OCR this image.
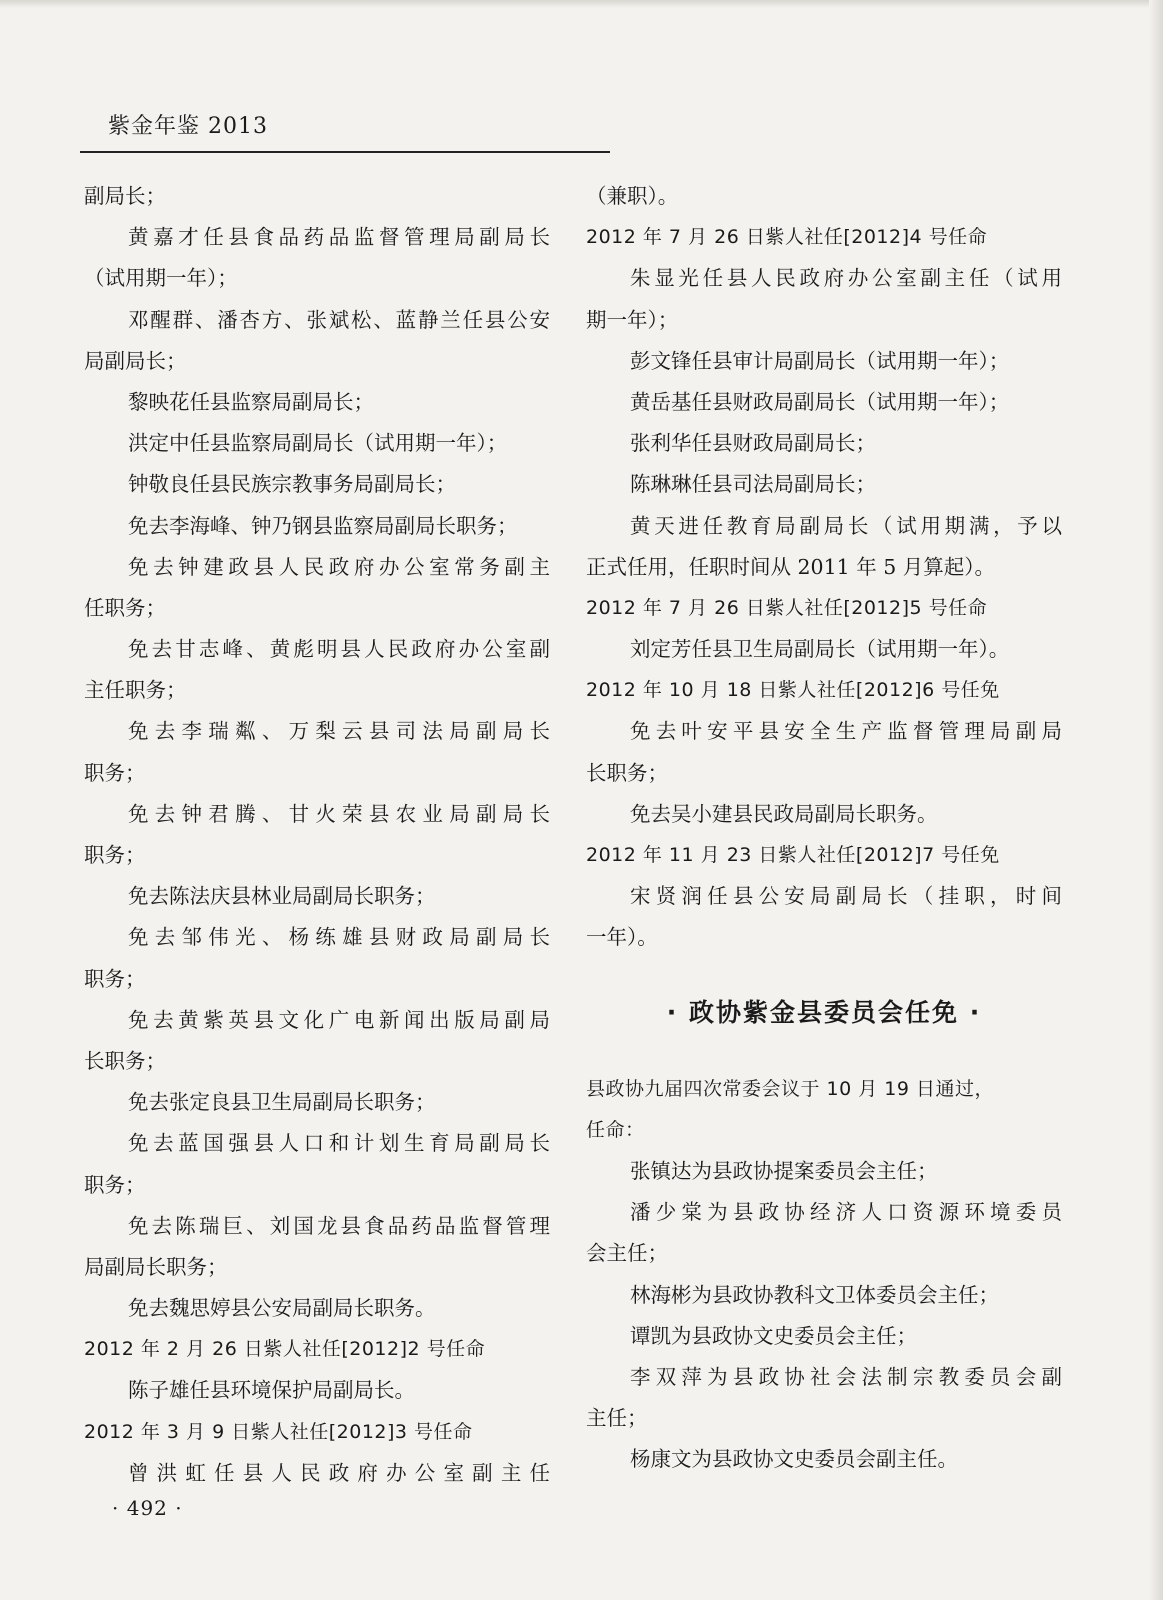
紫金年鉴 2013
副局长；
黄嘉才任县食品药品监督管理局副局长
（试用期一年）；
邓醒群、潘杏方、张斌松、蓝静兰任县公安
局副局长；
黎映花任县监察局副局长；
洪定中任县监察局副局长（试用期一年）；
钟敬良任县民族宗教事务局副局长；
免去李海峰、钟乃钢县监察局副局长职务；
免去钟建政县人民政府办公室常务副主
任职务；
免去甘志峰、黄彪明县人民政府办公室副
主任职务；
免去李瑞粼、万梨云县司法局副局长
职务；
免去钟君腾、甘火荣县农业局副局长
职务；
免去陈法庆县林业局副局长职务；
免去邹伟光、杨练雄县财政局副局长
职务；
免去黄紫英县文化广电新闻出版局副局
长职务；
免去张定良县卫生局副局长职务；
免去蓝国强县人口和计划生育局副局长
职务；
免去陈瑞巨、刘国龙县食品药品监督管理
局副局长职务；
免去魏思婷县公安局副局长职务。
2012 年 2 月 26 日紫人社任[2012]2 号任命
陈子雄任县环境保护局副局长。
2012 年 3 月 9 日紫人社任[2012]3 号任命
曾洪虹任县人民政府办公室副主任
（兼职）。
2012 年 7 月 26 日紫人社任[2012]4 号任命
朱显光任县人民政府办公室副主任（试用
期一年）；
彭文锋任县审计局副局长（试用期一年）；
黄岳基任县财政局副局长（试用期一年）；
张利华任县财政局副局长；
陈琳琳任县司法局副局长；
黄天进任教育局副局长（试用期满，予以
正式任用，任职时间从 2011 年 5 月算起）。
2012 年 7 月 26 日紫人社任[2012]5 号任命
刘定芳任县卫生局副局长（试用期一年）。
2012 年 10 月 18 日紫人社任[2012]6 号任免
免去叶安平县安全生产监督管理局副局
长职务；
免去吴小建县民政局副局长职务。
2012 年 11 月 23 日紫人社任[2012]7 号任免
宋贤润任县公安局副局长（挂职，时间
一年）。
· 政协紫金县委员会任免 ·
县政协九届四次常委会议于 10 月 19 日通过，
任命：
张镇达为县政协提案委员会主任；
潘少棠为县政协经济人口资源环境委员
会主任；
林海彬为县政协教科文卫体委员会主任；
谭凯为县政协文史委员会主任；
李双萍为县政协社会法制宗教委员会副
主任；
杨康文为县政协文史委员会副主任。
· 492 ·
